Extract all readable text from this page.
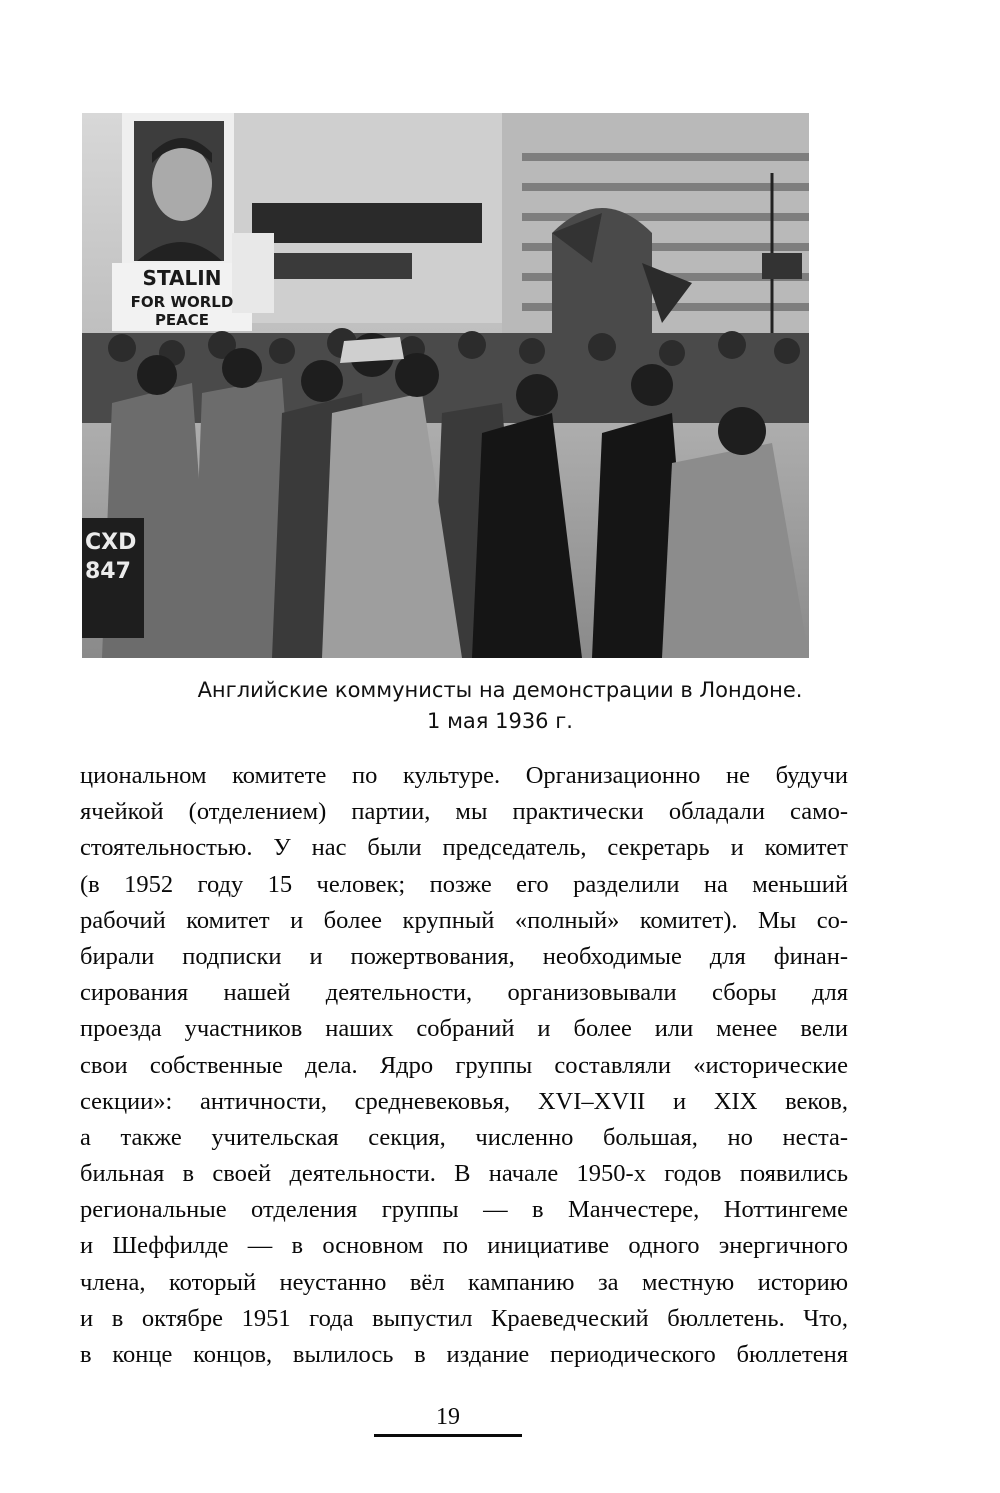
CXD
847
STALIN
FOR WORLD
PEACE
Английские коммунисты на демонстрации в Лондоне.
1 мая 1936 г.
циональном комитете по культуре. Организационно не будучи
ячейкой (отделением) партии, мы практически обладали само-
стоятельностью. У нас были председатель, секретарь и комитет
(в 1952 году 15 человек; позже его разделили на меньший
рабочий комитет и более крупный «полный» комитет). Мы со-
бирали подписки и пожертвования, необходимые для финан-
сирования нашей деятельности, организовывали сборы для
проезда участников наших собраний и более или менее вели
свои собственные дела. Ядро группы составляли «исторические
секции»: античности, средневековья, XVI–XVII и XIX веков,
а также учительская секция, численно большая, но неста-
бильная в своей деятельности. В начале 1950-х годов появились
региональные отделения группы — в Манчестере, Ноттингеме
и Шеффилде — в основном по инициативе одного энергичного
члена, который неустанно вёл кампанию за местную историю
и в октябре 1951 года выпустил Краеведческий бюллетень. Что,
в конце концов, вылилось в издание периодического бюллетеня
19
